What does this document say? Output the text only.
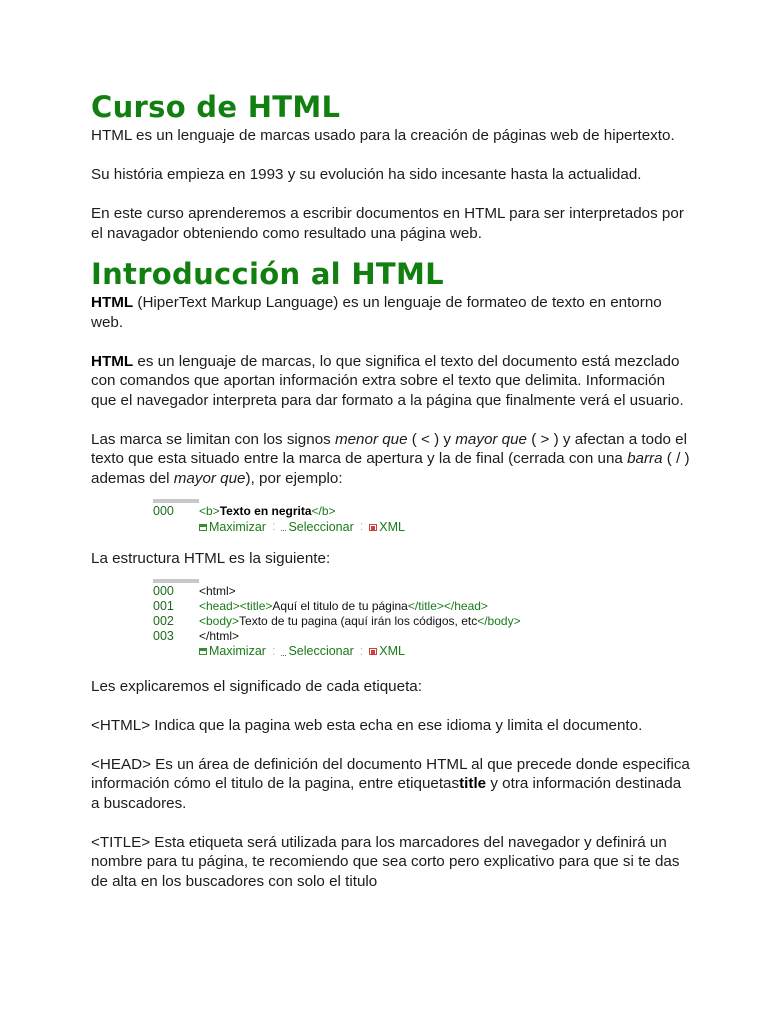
Curso de HTML

HTML es un lenguaje de marcas usado para la creación de páginas web de hipertexto.

Su história empieza en 1993 y su evolución ha sido incesante hasta la actualidad.

En este curso aprenderemos a escribir documentos en HTML para ser interpretados por el navagador obteniendo como resultado una página web.

Introducción al HTML

HTML (HiperText Markup Language) es un lenguaje de formateo de texto en entorno web.

HTML es un lenguaje de marcas, lo que significa el texto del documento está mezclado con comandos que aportan información extra sobre el texto que delimita. Información que el navegador interpreta para dar formato a la página que finalmente verá el usuario.

Las marca se limitan con los signos menor que ( < ) y mayor que ( > ) y afectan a todo el texto que esta situado entre la marca de apertura y la de final (cerrada con una barra ( / ) ademas del mayor que), por ejemplo:

000	<b>Texto en negrita</b>
Maximizar : Seleccionar : XML

La estructura HTML es la siguiente:

000	<html>
001	<head><title>Aquí el titulo de tu página</title></head>
002	<body>Texto de tu pagina (aquí irán los códigos, etc</body>
003	</html>
Maximizar : Seleccionar : XML

Les explicaremos el significado de cada etiqueta:

<HTML> Indica que la pagina web esta echa en ese idioma y limita el documento.

<HEAD> Es un área de definición del documento HTML al que precede donde especifica información cómo el titulo de la pagina, entre etiquetastitle y otra información destinada a buscadores.

<TITLE> Esta etiqueta será utilizada para los marcadores del navegador y definirá un nombre para tu página, te recomiendo que sea corto pero explicativo para que si te das de alta en los buscadores con solo el titulo
